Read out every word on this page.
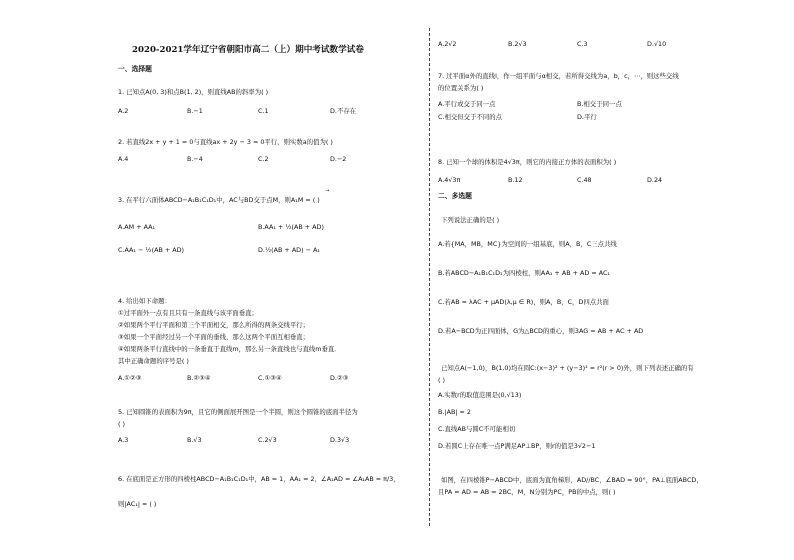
2020-2021学年辽宁省朝阳市高二（上）期中考试数学试卷
一、选择题
1. 已知点A(0, 3)和点B(1, 2)，则直线AB的斜率为( )
A.2	B.−1	C.1	D.不存在
2. 若直线2x + y + 1 = 0与直线ax + 2y − 3 = 0平行，则实数a的值为( )
A.4	B.−4	C.2	D.−2
3. 在平行六面体ABCD−A₁B₁C₁D₁中，AC与BD交于点M，则A₁M = ( )
→
A.AM + AA₁	B.AA₁ + ½(AB + AD)
C.AA₁ − ½(AB + AD)	D.½(AB + AD) − A₁
4. 给出如下命题：
①过平面外一点有且只有一条直线与该平面垂直；
②如果两个平行平面和第三个平面相交，那么所得的两条交线平行；
③如果一个平面经过另一个平面的垂线，那么这两个平面互相垂直；
④如果两条平行直线中的一条垂直于直线m，那么另一条直线也与直线m垂直．
其中正确命题的序号是( )
A.①②③	B.②③④	C.①③④	D.②③
5. 已知圆锥的表面积为9π，且它的侧面展开图是一个半圆，则这个圆锥的底面半径为
( )
A.3	B.√3	C.2√3	D.3√3
6. 在底面是正方形的四棱柱ABCD−A₁B₁C₁D₁中，AB = 1，AA₁ = 2，∠A₁AD = ∠A₁AB = π/3，
则|AC₁| = ( )
A.2√2	B.2√3	C.3	D.√10
7. 过平面α外的直线l，作一组平面与α相交，若所得交线为a，b，c，⋯，则这些交线
的位置关系为( )
A.平行或交于同一点	B.相交于同一点
C.相交但交于不同的点	D.平行
8. 已知一个球的体积是4√3π，则它的内接正方体的表面积为( )
A.4√3π	B.12	C.48	D.24
二、多选题
下列说法正确的是( )
A.若{MA，MB，MC}为空间的一组基底，则A，B，C三点共线
B.若ABCD−A₁B₁C₁D₁为四棱柱，则AA₁ + AB + AD = AC₁
C.若AB = λAC + μAD(λ,μ ∈ R)，则A，B，C，D四点共面
D.若A−BCD为正四面体，G为△BCD的重心，则3AG = AB + AC + AD
已知点A(−1,0)，B(1,0)均在圆C:(x−3)² + (y−3)² = r²(r > 0)外，则下列表述正确的有
( )
A.实数r的取值范围是(0,√13)
B.|AB| = 2
C.直线AB与圆C不可能相切
D.若圆C上存在唯一点P满足AP⊥BP，则r的值是3√2−1
如图，在四棱锥P−ABCD中，底面为直角梯形，AD//BC，∠BAD = 90°，PA⊥底面ABCD，
且PA = AD = AB = 2BC，M，N分别为PC，PB的中点，则( )
